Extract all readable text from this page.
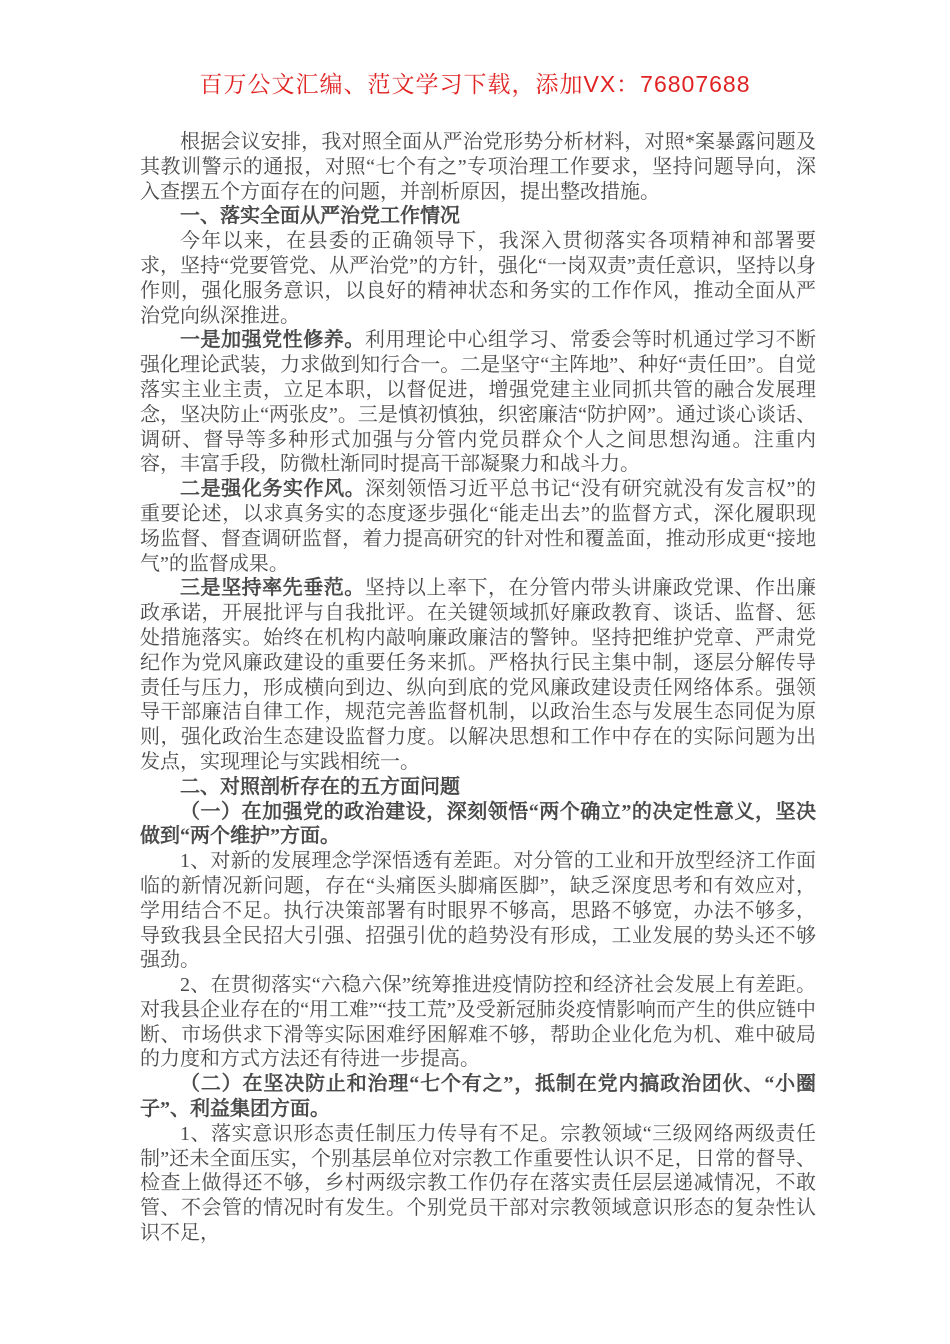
百万公文汇编、范文学习下载，添加VX：76807688

根据会议安排，我对照全面从严治党形势分析材料，对照*案暴露问题及其教训警示的通报，对照“七个有之”专项治理工作要求，坚持问题导向，深入查摆五个方面存在的问题，并剖析原因，提出整改措施。

一、落实全面从严治党工作情况

今年以来，在县委的正确领导下，我深入贯彻落实各项精神和部署要求，坚持“党要管党、从严治党”的方针，强化“一岗双责”责任意识，坚持以身作则，强化服务意识，以良好的精神状态和务实的工作作风，推动全面从严治党向纵深推进。

一是加强党性修养。利用理论中心组学习、常委会等时机通过学习不断强化理论武装，力求做到知行合一。二是坚守“主阵地”、种好“责任田”。自觉落实主业主责，立足本职，以督促进，增强党建主业同抓共管的融合发展理念，坚决防止“两张皮”。三是慎初慎独，织密廉洁“防护网”。通过谈心谈话、调研、督导等多种形式加强与分管内党员群众个人之间思想沟通。注重内容，丰富手段，防微杜渐同时提高干部凝聚力和战斗力。

二是强化务实作风。深刻领悟习近平总书记“没有研究就没有发言权”的重要论述，以求真务实的态度逐步强化“能走出去”的监督方式，深化履职现场监督、督查调研监督，着力提高研究的针对性和覆盖面，推动形成更“接地气”的监督成果。

三是坚持率先垂范。坚持以上率下，在分管内带头讲廉政党课、作出廉政承诺，开展批评与自我批评。在关键领域抓好廉政教育、谈话、监督、惩处措施落实。始终在机构内敲响廉政廉洁的警钟。坚持把维护党章、严肃党纪作为党风廉政建设的重要任务来抓。严格执行民主集中制，逐层分解传导责任与压力，形成横向到边、纵向到底的党风廉政建设责任网络体系。强领导干部廉洁自律工作，规范完善监督机制，以政治生态与发展生态同促为原则，强化政治生态建设监督力度。以解决思想和工作中存在的实际问题为出发点，实现理论与实践相统一。

二、对照剖析存在的五方面问题

（一）在加强党的政治建设，深刻领悟“两个确立”的决定性意义，坚决做到“两个维护”方面。

1、对新的发展理念学深悟透有差距。对分管的工业和开放型经济工作面临的新情况新问题，存在“头痛医头脚痛医脚”，缺乏深度思考和有效应对，学用结合不足。执行决策部署有时眼界不够高，思路不够宽，办法不够多，导致我县全民招大引强、招强引优的趋势没有形成，工业发展的势头还不够强劲。

2、在贯彻落实“六稳六保”统筹推进疫情防控和经济社会发展上有差距。对我县企业存在的“用工难”“技工荒”及受新冠肺炎疫情影响而产生的供应链中断、市场供求下滑等实际困难纾困解难不够，帮助企业化危为机、难中破局的力度和方式方法还有待进一步提高。

（二）在坚决防止和治理“七个有之”，抵制在党内搞政治团伙、“小圈子”、利益集团方面。

1、落实意识形态责任制压力传导有不足。宗教领域“三级网络两级责任制”还未全面压实，个别基层单位对宗教工作重要性认识不足，日常的督导、检查上做得还不够，乡村两级宗教工作仍存在落实责任层层递减情况，不敢管、不会管的情况时有发生。个别党员干部对宗教领域意识形态的复杂性认识不足，
